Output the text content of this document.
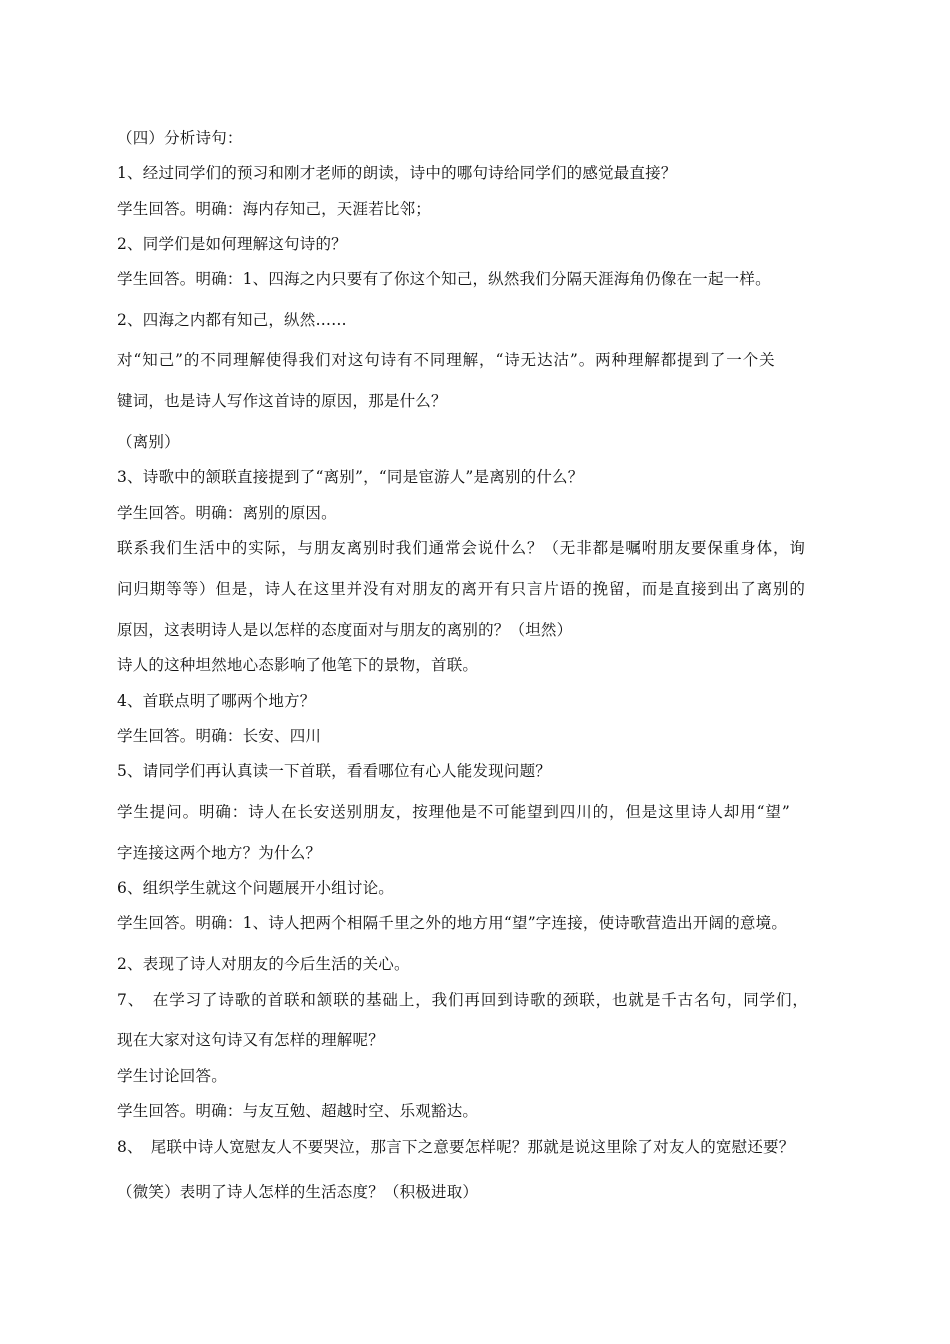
（四）分析诗句：
1、经过同学们的预习和刚才老师的朗读，诗中的哪句诗给同学们的感觉最直接？
学生回答。明确：海内存知己，天涯若比邻；
2、同学们是如何理解这句诗的？
学生回答。明确：1、四海之内只要有了你这个知己，纵然我们分隔天涯海角仍像在一起一样。
2、四海之内都有知己，纵然……
对“知己”的不同理解使得我们对这句诗有不同理解，“诗无达沽”。两种理解都提到了一个关
键词，也是诗人写作这首诗的原因，那是什么？
（离别）
3、诗歌中的颔联直接提到了“离别”，“同是宦游人”是离别的什么？
学生回答。明确：离别的原因。
联系我们生活中的实际，与朋友离别时我们通常会说什么？（无非都是嘱咐朋友要保重身体，询
问归期等等）但是，诗人在这里并没有对朋友的离开有只言片语的挽留，而是直接到出了离别的
原因，这表明诗人是以怎样的态度面对与朋友的离别的？（坦然）
诗人的这种坦然地心态影响了他笔下的景物，首联。
4、首联点明了哪两个地方？
学生回答。明确：长安、四川
5、请同学们再认真读一下首联，看看哪位有心人能发现问题？
学生提问。明确：诗人在长安送别朋友，按理他是不可能望到四川的，但是这里诗人却用“望”
字连接这两个地方？为什么？
6、组织学生就这个问题展开小组讨论。
学生回答。明确：1、诗人把两个相隔千里之外的地方用“望”字连接，使诗歌营造出开阔的意境。
2、表现了诗人对朋友的今后生活的关心。
7、　在学习了诗歌的首联和颔联的基础上，我们再回到诗歌的颈联，也就是千古名句，同学们，
现在大家对这句诗又有怎样的理解呢？
学生讨论回答。
学生回答。明确：与友互勉、超越时空、乐观豁达。
8、　尾联中诗人宽慰友人不要哭泣，那言下之意要怎样呢？那就是说这里除了对友人的宽慰还要？
（微笑）表明了诗人怎样的生活态度？（积极进取）
